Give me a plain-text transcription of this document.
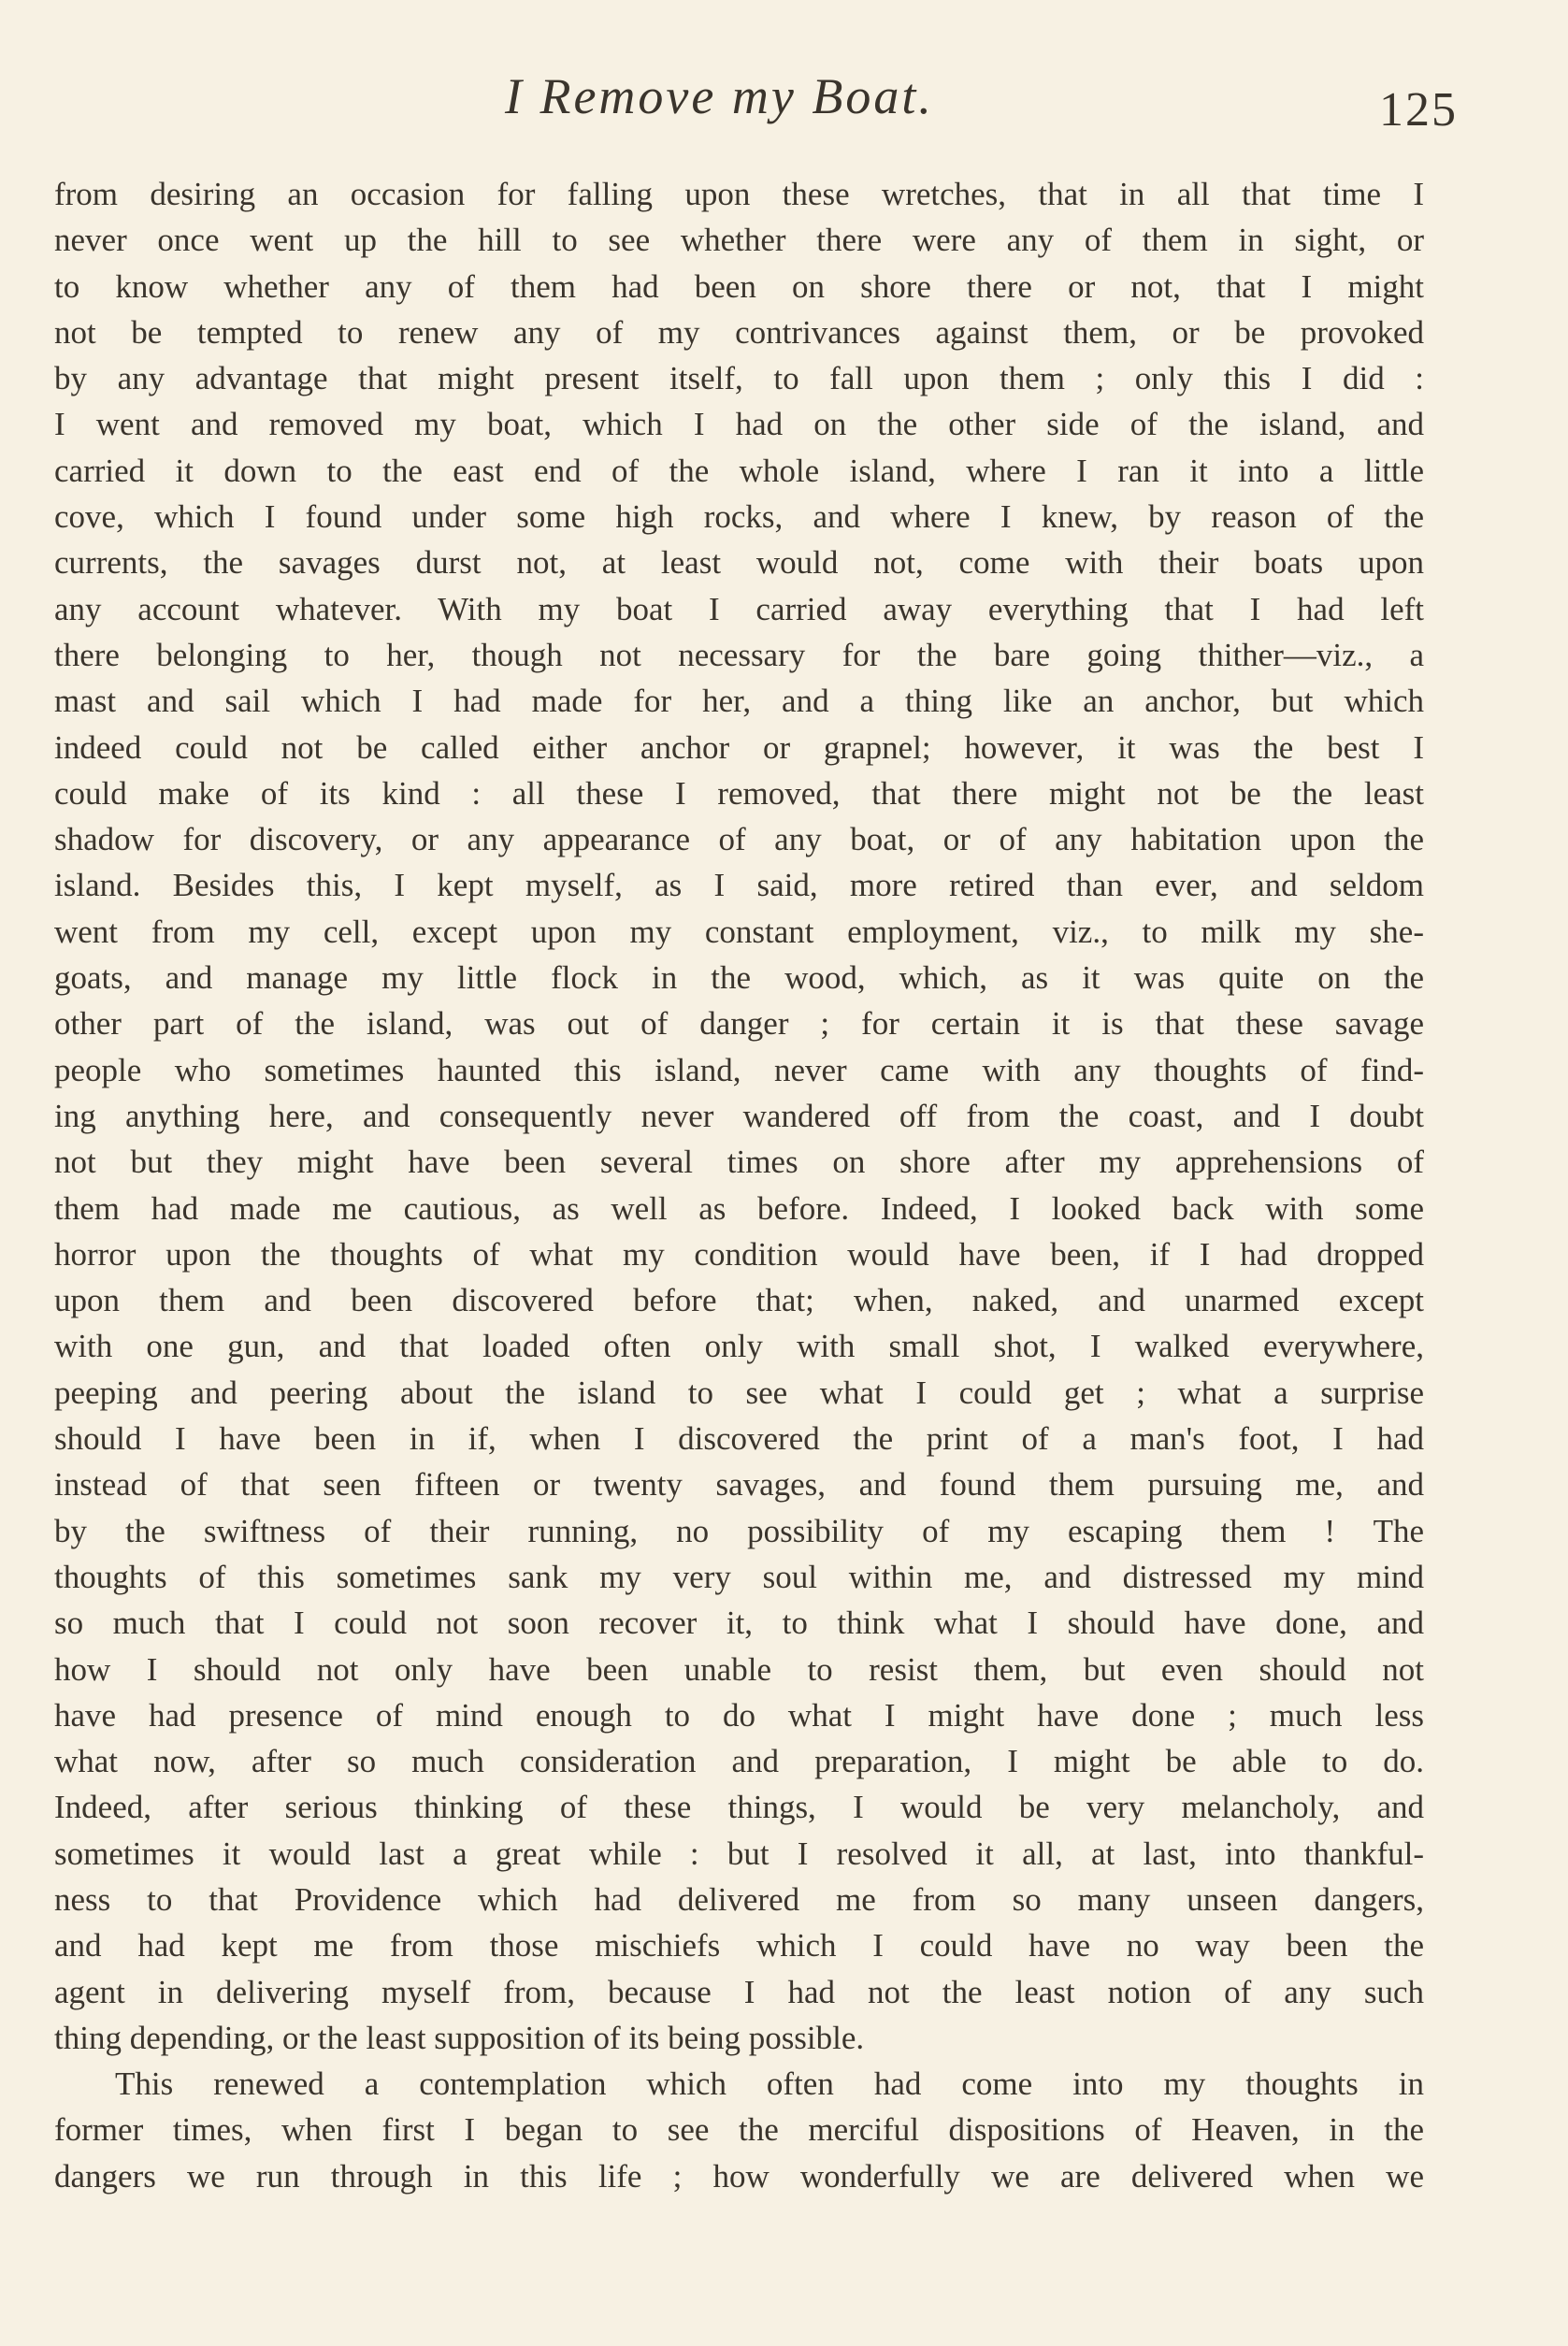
I Remove my Boat.	125
from desiring an occasion for falling upon these wretches, that in all that time I
never once went up the hill to see whether there were any of them in sight, or
to know whether any of them had been on shore there or not, that I might
not be tempted to renew any of my contrivances against them, or be provoked
by any advantage that might present itself, to fall upon them ; only this I did :
I went and removed my boat, which I had on the other side of the island, and
carried it down to the east end of the whole island, where I ran it into a little
cove, which I found under some high rocks, and where I knew, by reason of the
currents, the savages durst not, at least would not, come with their boats upon
any account whatever. With my boat I carried away everything that I had left
there belonging to her, though not necessary for the bare going thither—viz., a
mast and sail which I had made for her, and a thing like an anchor, but which
indeed could not be called either anchor or grapnel; however, it was the best I
could make of its kind : all these I removed, that there might not be the least
shadow for discovery, or any appearance of any boat, or of any habitation upon the
island. Besides this, I kept myself, as I said, more retired than ever, and seldom
went from my cell, except upon my constant employment, viz., to milk my she-
goats, and manage my little flock in the wood, which, as it was quite on the
other part of the island, was out of danger ; for certain it is that these savage
people who sometimes haunted this island, never came with any thoughts of find-
ing anything here, and consequently never wandered off from the coast, and I doubt
not but they might have been several times on shore after my apprehensions of
them had made me cautious, as well as before. Indeed, I looked back with some
horror upon the thoughts of what my condition would have been, if I had dropped
upon them and been discovered before that; when, naked, and unarmed except
with one gun, and that loaded often only with small shot, I walked everywhere,
peeping and peering about the island to see what I could get ; what a surprise
should I have been in if, when I discovered the print of a man's foot, I had
instead of that seen fifteen or twenty savages, and found them pursuing me, and
by the swiftness of their running, no possibility of my escaping them ! The
thoughts of this sometimes sank my very soul within me, and distressed my mind
so much that I could not soon recover it, to think what I should have done, and
how I should not only have been unable to resist them, but even should not
have had presence of mind enough to do what I might have done ; much less
what now, after so much consideration and preparation, I might be able to do.
Indeed, after serious thinking of these things, I would be very melancholy, and
sometimes it would last a great while : but I resolved it all, at last, into thankful-
ness to that Providence which had delivered me from so many unseen dangers,
and had kept me from those mischiefs which I could have no way been the
agent in delivering myself from, because I had not the least notion of any such
thing depending, or the least supposition of its being possible.
This renewed a contemplation which often had come into my thoughts in
former times, when first I began to see the merciful dispositions of Heaven, in the
dangers we run through in this life ; how wonderfully we are delivered when we
